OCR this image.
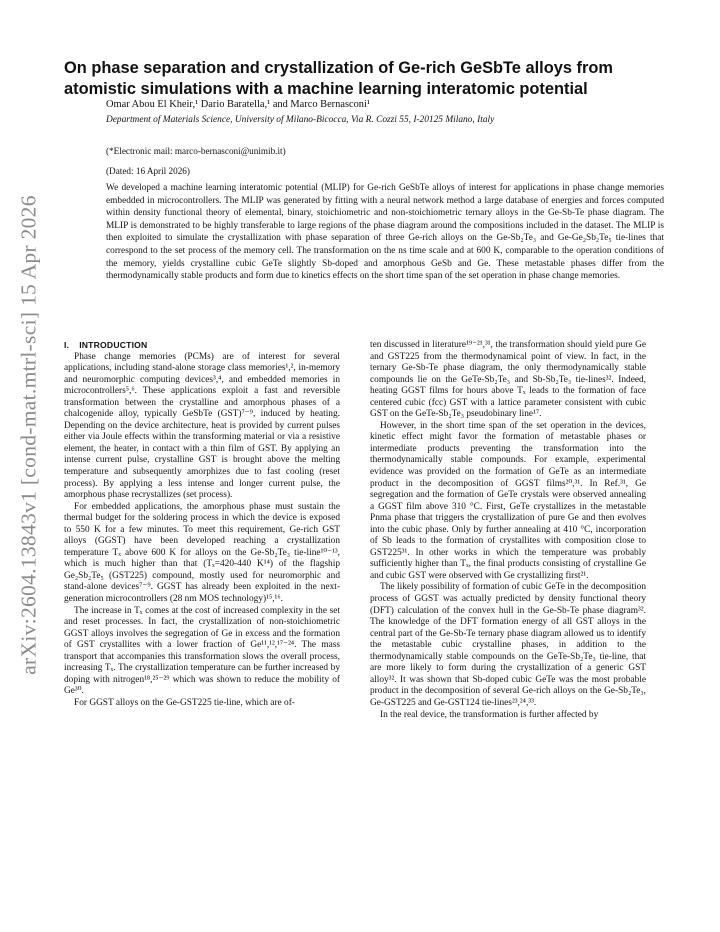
arXiv:2604.13843v1 [cond-mat.mtrl-sci] 15 Apr 2026
On phase separation and crystallization of Ge-rich GeSbTe alloys from atomistic simulations with a machine learning interatomic potential
Omar Abou El Kheir,¹ Dario Baratella,¹ and Marco Bernasconi¹
Department of Materials Science, University of Milano-Bicocca, Via R. Cozzi 55, I-20125 Milano, Italy
(*Electronic mail: marco-bernasconi@unimib.it)
(Dated: 16 April 2026)

We developed a machine learning interatomic potential (MLIP) for Ge-rich GeSbTe alloys of interest for applications in phase change memories embedded in microcontrollers. The MLIP was generated by fitting with a neural network method a large database of energies and forces computed within density functional theory of elemental, binary, stoichiometric and non-stoichiometric ternary alloys in the Ge-Sb-Te phase diagram. The MLIP is demonstrated to be highly transferable to large regions of the phase diagram around the compositions included in the dataset. The MLIP is then exploited to simulate the crystallization with phase separation of three Ge-rich alloys on the Ge-Sb₂Te₃ and Ge-Ge₂Sb₂Te₅ tie-lines that correspond to the set process of the memory cell. The transformation on the ns time scale and at 600 K, comparable to the operation conditions of the memory, yields crystalline cubic GeTe slightly Sb-doped and amorphous GeSb and Ge. These metastable phases differ from the thermodynamically stable products and form due to kinetics effects on the short time span of the set operation in phase change memories.

I. INTRODUCTION

Phase change memories (PCMs) are of interest for several applications, including stand-alone storage class memories¹,², in-memory and neuromorphic computing devices³,⁴, and embedded memories in microcontrollers⁵,⁶. These applications exploit a fast and reversible transformation between the crystalline and amorphous phases of a chalcogenide alloy, typically GeSbTe (GST)⁷⁻⁹, induced by heating. Depending on the device architecture, heat is provided by current pulses either via Joule effects within the transforming material or via a resistive element, the heater, in contact with a thin film of GST. By applying an intense current pulse, crystalline GST is brought above the melting temperature and subsequently amorphizes due to fast cooling (reset process). By applying a less intense and longer current pulse, the amorphous phase recrystallizes (set process).

For embedded applications, the amorphous phase must sustain the thermal budget for the soldering process in which the device is exposed to 550 K for a few minutes. To meet this requirement, Ge-rich GST alloys (GGST) have been developed reaching a crystallization temperature Tₓ above 600 K for alloys on the Ge-Sb₂Te₃ tie-line¹⁰⁻¹³, which is much higher than that (Tₓ=420-440 K¹⁴) of the flagship Ge₂Sb₂Te₅ (GST225) compound, mostly used for neuromorphic and stand-alone devices⁷⁻⁹. GGST has already been exploited in the next-generation microcontrollers (28 nm MOS technology)¹⁵,¹⁶.

The increase in Tₓ comes at the cost of increased complexity in the set and reset processes. In fact, the crystallization of non-stoichiometric GGST alloys involves the segregation of Ge in excess and the formation of GST crystallites with a lower fraction of Ge¹¹,¹²,¹⁷⁻²⁴. The mass transport that accompanies this transformation slows the overall process, increasing Tₓ. The crystallization temperature can be further increased by doping with nitrogen¹⁸,²⁵⁻²⁹ which was shown to reduce the mobility of Ge³⁰.

For GGST alloys on the Ge-GST225 tie-line, which are of-

ten discussed in literature¹⁹⁻²¹,³¹, the transformation should yield pure Ge and GST225 from the thermodynamical point of view. In fact, in the ternary Ge-Sb-Te phase diagram, the only thermodynamically stable compounds lie on the GeTe-Sb₂Te₃ and Sb-Sb₂Te₃ tie-lines³². Indeed, heating GGST films for hours above Tₓ leads to the formation of face centered cubic (fcc) GST with a lattice parameter consistent with cubic GST on the GeTe-Sb₂Te₃ pseudobinary line¹⁷.

However, in the short time span of the set operation in the devices, kinetic effect might favor the formation of metastable phases or intermediate products preventing the transformation into the thermodynamically stable compounds. For example, experimental evidence was provided on the formation of GeTe as an intermediate product in the decomposition of GGST films²⁰,³¹. In Ref.³¹, Ge segregation and the formation of GeTe crystals were observed annealing a GGST film above 310 °C. First, GeTe crystallizes in the metastable Pnma phase that triggers the crystallization of pure Ge and then evolves into the cubic phase. Only by further annealing at 410 °C, incorporation of Sb leads to the formation of crystallites with composition close to GST225³¹. In other works in which the temperature was probably sufficiently higher than Tₓ, the final products consisting of crystalline Ge and cubic GST were observed with Ge crystallizing first²¹.

The likely possibility of formation of cubic GeTe in the decomposition process of GGST was actually predicted by density functional theory (DFT) calculation of the convex hull in the Ge-Sb-Te phase diagram³². The knowledge of the DFT formation energy of all GST alloys in the central part of the Ge-Sb-Te ternary phase diagram allowed us to identify the metastable cubic crystalline phases, in addition to the thermodynamically stable compounds on the GeTe-Sb₂Te₃ tie-line, that are more likely to form during the crystallization of a generic GST alloy³². It was shown that Sb-doped cubic GeTe was the most probable product in the decomposition of several Ge-rich alloys on the Ge-Sb₂Te₃, Ge-GST225 and Ge-GST124 tie-lines²³,²⁴,³³.

In the real device, the transformation is further affected by
